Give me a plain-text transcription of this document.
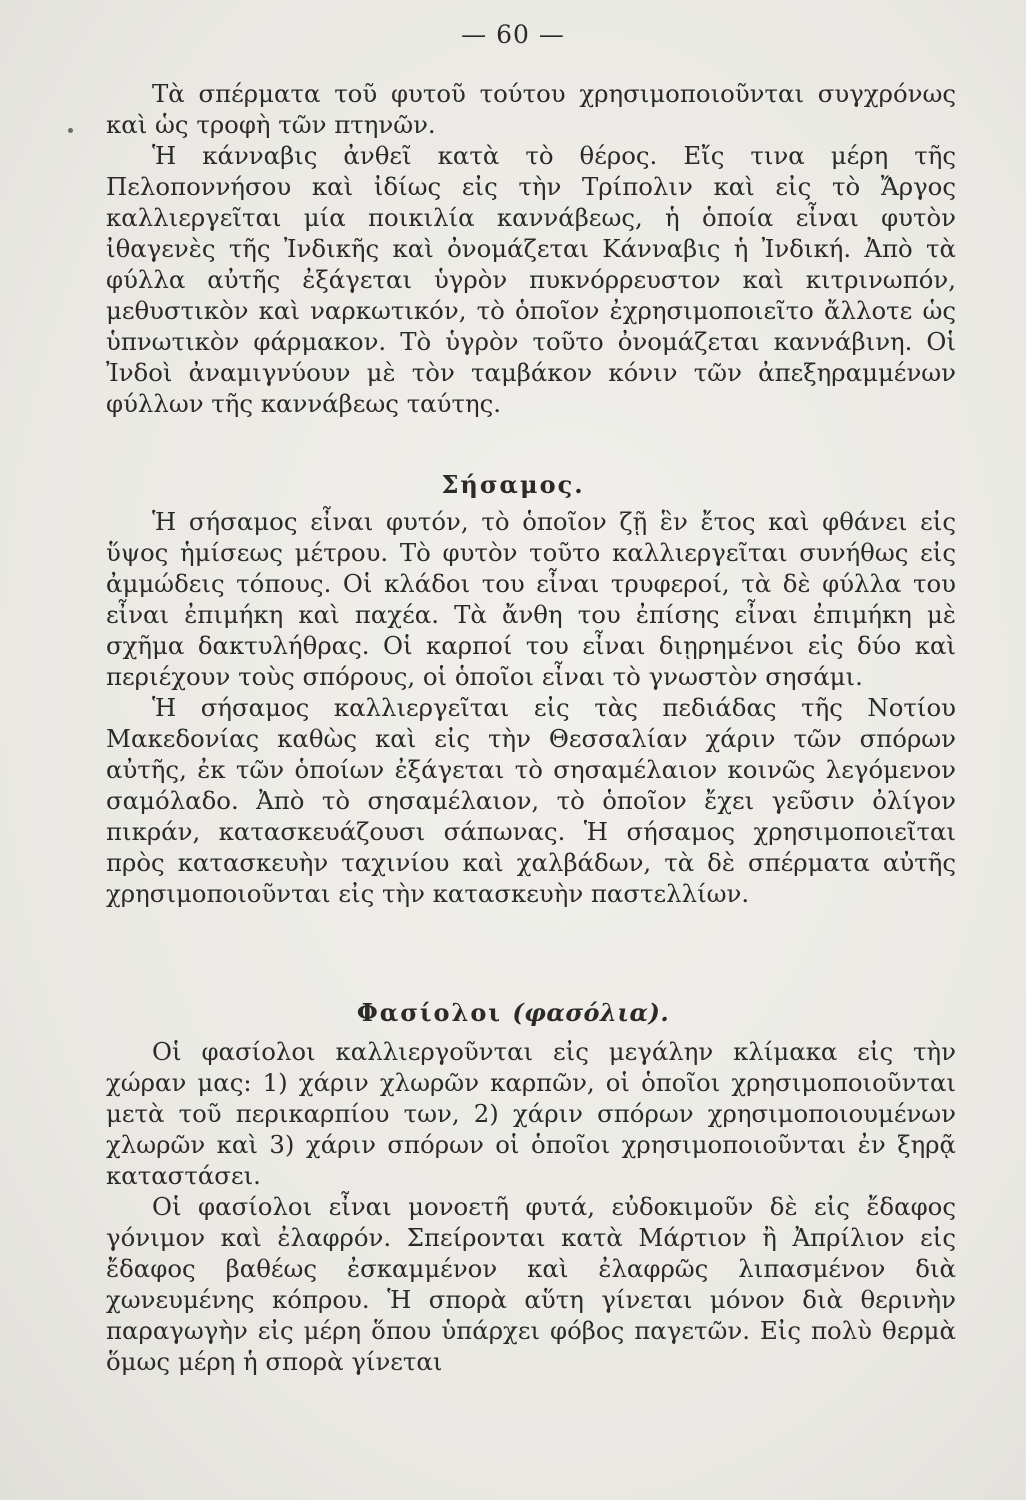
— 60 —

Τὰ σπέρματα τοῦ φυτοῦ τούτου χρησιμοποιοῦνται συγχρόνως καὶ ὡς τροφὴ τῶν πτηνῶν.

Ἡ κάνναβις ἀνθεῖ κατὰ τὸ θέρος. Εἴς τινα μέρη τῆς Πελοποννήσου καὶ ἰδίως εἰς τὴν Τρίπολιν καὶ εἰς τὸ Ἄργος καλλιεργεῖται μία ποικιλία καννάβεως, ἡ ὁποία εἶναι φυτὸν ἰθαγενὲς τῆς Ἰνδικῆς καὶ ὀνομάζεται Κάνναβις ἡ Ἰνδική. Ἀπὸ τὰ φύλλα αὐτῆς ἐξάγεται ὑγρὸν πυκνόρρευστον καὶ κιτρινωπόν, μεθυστικὸν καὶ ναρκωτικόν, τὸ ὁποῖον ἐχρησιμοποιεῖτο ἄλλοτε ὡς ὑπνωτικὸν φάρμακον. Τὸ ὑγρὸν τοῦτο ὀνομάζεται καννάβινη. Οἱ Ἰνδοὶ ἀναμιγνύουν μὲ τὸν ταμβάκον κόνιν τῶν ἀπεξηραμμένων φύλλων τῆς καννάβεως ταύτης.

Σήσαμος.

Ἡ σήσαμος εἶναι φυτόν, τὸ ὁποῖον ζῇ ἓν ἔτος καὶ φθάνει εἰς ὕψος ἡμίσεως μέτρου. Τὸ φυτὸν τοῦτο καλλιεργεῖται συνήθως εἰς ἀμμώδεις τόπους. Οἱ κλάδοι του εἶναι τρυφεροί, τὰ δὲ φύλλα του εἶναι ἐπιμήκη καὶ παχέα. Τὰ ἄνθη του ἐπίσης εἶναι ἐπιμήκη μὲ σχῆμα δακτυλήθρας. Οἱ καρποί του εἶναι διῃρημένοι εἰς δύο καὶ περιέχουν τοὺς σπόρους, οἱ ὁποῖοι εἶναι τὸ γνωστὸν σησάμι.

Ἡ σήσαμος καλλιεργεῖται εἰς τὰς πεδιάδας τῆς Νοτίου Μακεδονίας καθὼς καὶ εἰς τὴν Θεσσαλίαν χάριν τῶν σπόρων αὐτῆς, ἐκ τῶν ὁποίων ἐξάγεται τὸ σησαμέλαιον κοινῶς λεγόμενον σαμόλαδο. Ἀπὸ τὸ σησαμέλαιον, τὸ ὁποῖον ἔχει γεῦσιν ὀλίγον πικράν, κατασκευάζουσι σάπωνας. Ἡ σήσαμος χρησιμοποιεῖται πρὸς κατασκευὴν ταχινίου καὶ χαλβάδων, τὰ δὲ σπέρματα αὐτῆς χρησιμοποιοῦνται εἰς τὴν κατασκευὴν παστελλίων.

Φασίολοι (φασόλια).

Οἱ φασίολοι καλλιεργοῦνται εἰς μεγάλην κλίμακα εἰς τὴν χώραν μας: 1) χάριν χλωρῶν καρπῶν, οἱ ὁποῖοι χρησιμοποιοῦνται μετὰ τοῦ περικαρπίου των, 2) χάριν σπόρων χρησιμοποιουμένων χλωρῶν καὶ 3) χάριν σπόρων οἱ ὁποῖοι χρησιμοποιοῦνται ἐν ξηρᾷ καταστάσει.

Οἱ φασίολοι εἶναι μονοετῆ φυτά, εὐδοκιμοῦν δὲ εἰς ἔδαφος γόνιμον καὶ ἐλαφρόν. Σπείρονται κατὰ Μάρτιον ἢ Ἀπρίλιον εἰς ἔδαφος βαθέως ἐσκαμμένον καὶ ἐλαφρῶς λιπασμένον διὰ χωνευμένης κόπρου. Ἡ σπορὰ αὕτη γίνεται μόνον διὰ θερινὴν παραγωγὴν εἰς μέρη ὅπου ὑπάρχει φόβος παγετῶν. Εἰς πολὺ θερμὰ ὅμως μέρη ἡ σπορὰ γίνεται
